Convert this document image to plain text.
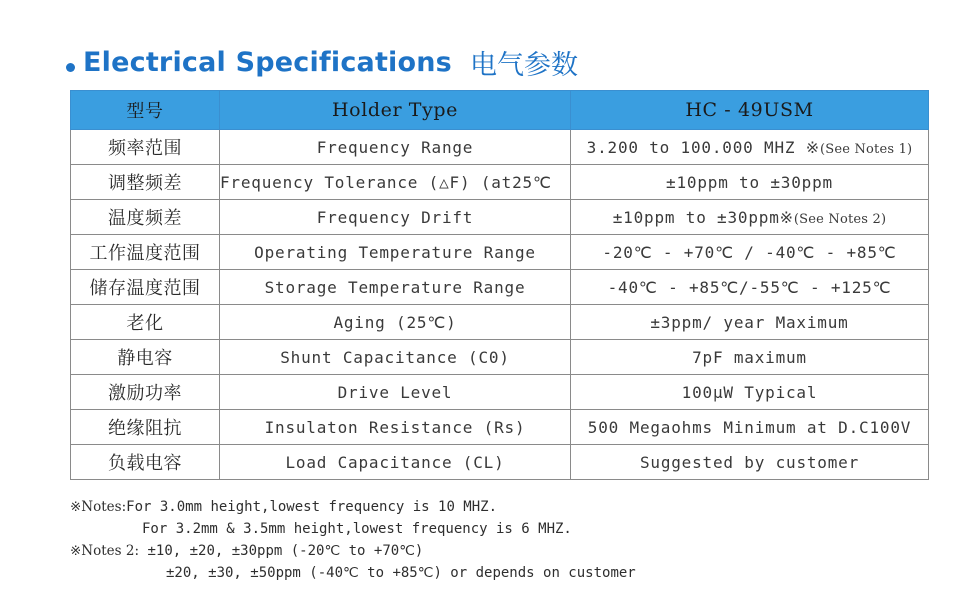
Electrical Specifications 电气参数
型号	Holder Type	HC - 49USM
频率范围	Frequency Range	3.200 to 100.000 MHZ ※(See Notes 1)
调整频差	Frequency Tolerance (△F) (at25℃	±10ppm to ±30ppm
温度频差	Frequency Drift	±10ppm to ±30ppm※(See Notes 2)
工作温度范围	Operating Temperature Range	-20℃ - +70℃ / -40℃ - +85℃
储存温度范围	Storage Temperature Range	-40℃ - +85℃/-55℃ - +125℃
老化	Aging (25℃)	±3ppm/ year Maximum
静电容	Shunt Capacitance (C0)	7pF maximum
激励功率	Drive Level	100μW Typical
绝缘阻抗	Insulaton Resistance (Rs)	500 Megaohms Minimum at D.C100V
负载电容	Load Capacitance (CL)	Suggested by customer
※Notes:For 3.0mm height,lowest frequency is 10 MHZ.
For 3.2mm & 3.5mm height,lowest frequency is 6 MHZ.
※Notes 2: ±10, ±20, ±30ppm (-20℃ to +70℃)
±20, ±30, ±50ppm (-40℃ to +85℃) or depends on customer
